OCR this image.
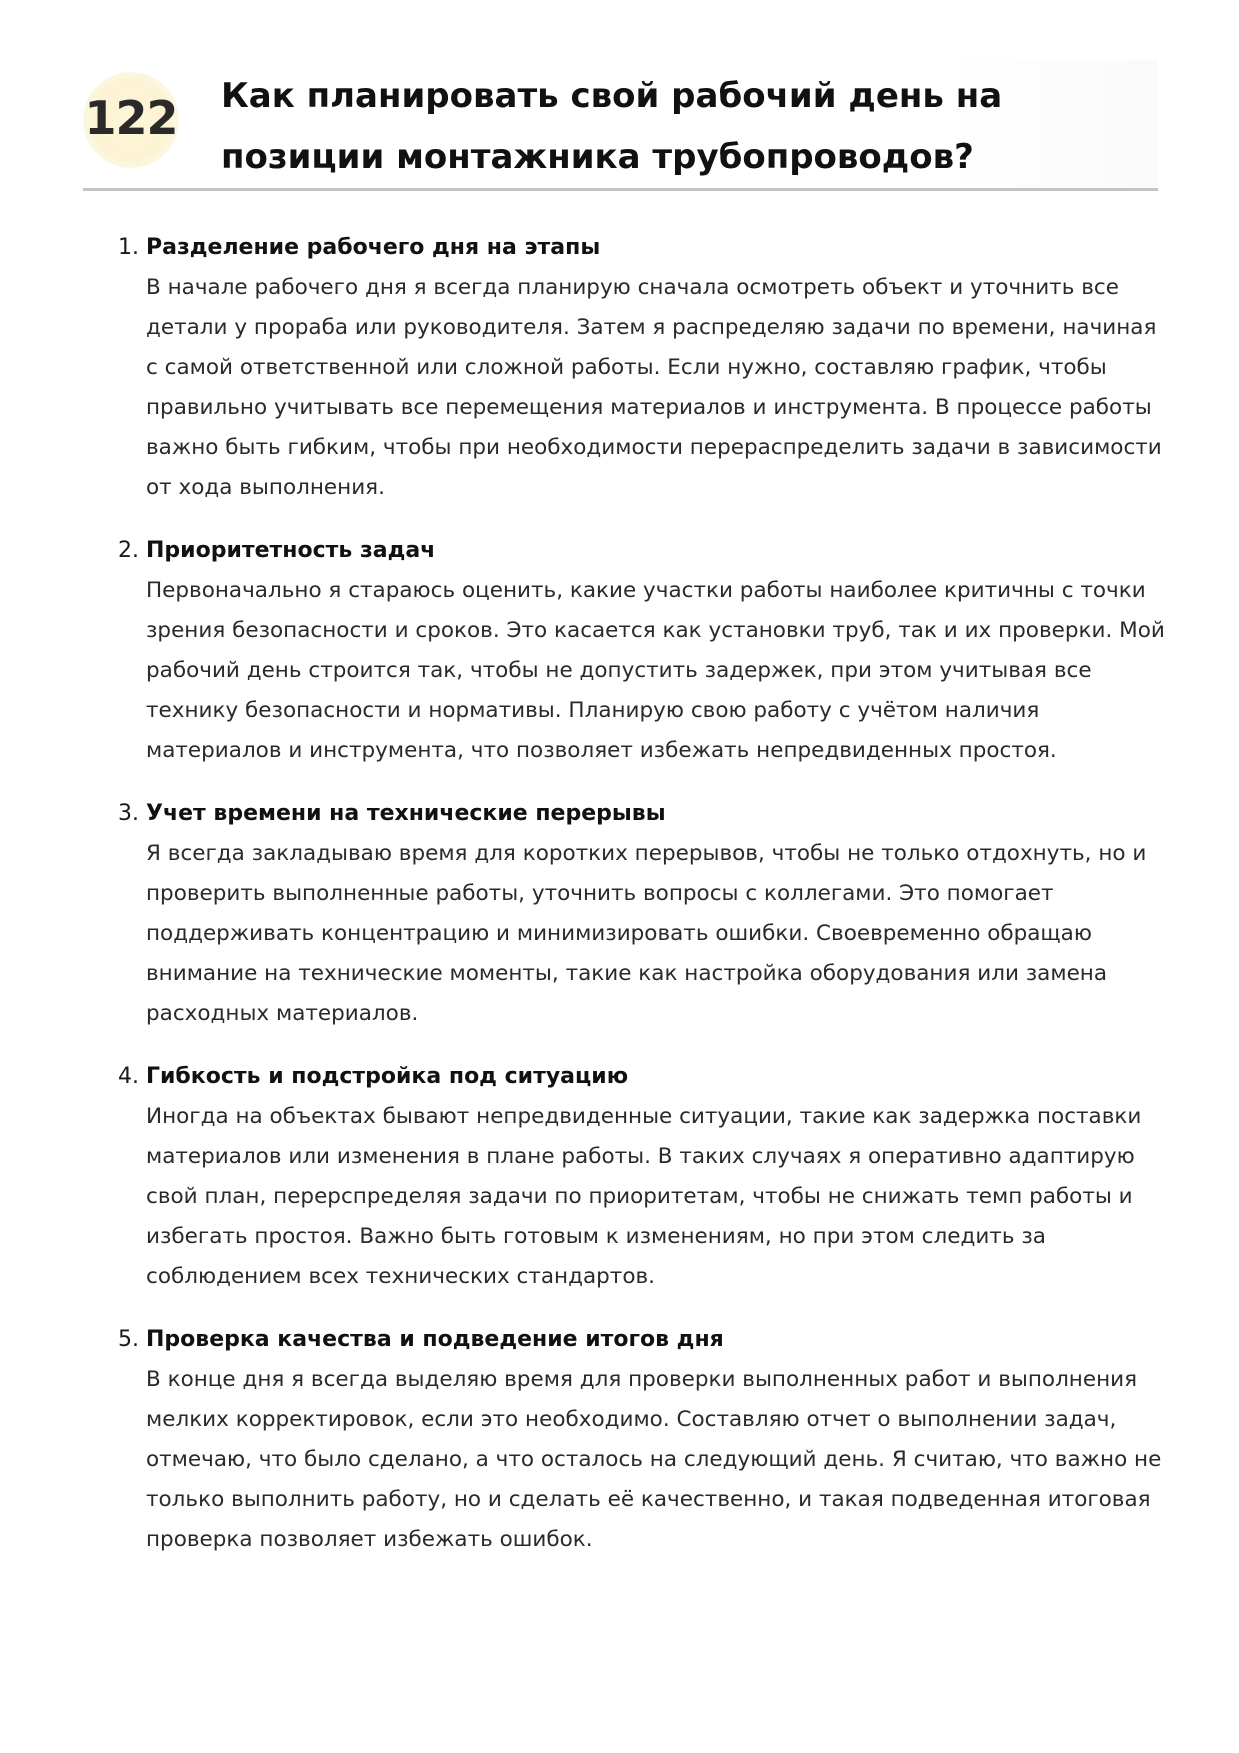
122 Как планировать свой рабочий день на позиции монтажника трубопроводов?
1. Разделение рабочего дня на этапы

В начале рабочего дня я всегда планирую сначала осмотреть объект и уточнить все детали у прораба или руководителя. Затем я распределяю задачи по времени, начиная с самой ответственной или сложной работы. Если нужно, составляю график, чтобы правильно учитывать все перемещения материалов и инструмента. В процессе работы важно быть гибким, чтобы при необходимости перераспределить задачи в зависимости от хода выполнения.

2. Приоритетность задач

Первоначально я стараюсь оценить, какие участки работы наиболее критичны с точки зрения безопасности и сроков. Это касается как установки труб, так и их проверки. Мой рабочий день строится так, чтобы не допустить задержек, при этом учитывая все технику безопасности и нормативы. Планирую свою работу с учётом наличия материалов и инструмента, что позволяет избежать непредвиденных простоя.

3. Учет времени на технические перерывы

Я всегда закладываю время для коротких перерывов, чтобы не только отдохнуть, но и проверить выполненные работы, уточнить вопросы с коллегами. Это помогает поддерживать концентрацию и минимизировать ошибки. Своевременно обращаю внимание на технические моменты, такие как настройка оборудования или замена расходных материалов.

4. Гибкость и подстройка под ситуацию

Иногда на объектах бывают непредвиденные ситуации, такие как задержка поставки материалов или изменения в плане работы. В таких случаях я оперативно адаптирую свой план, перерспределяя задачи по приоритетам, чтобы не снижать темп работы и избегать простоя. Важно быть готовым к изменениям, но при этом следить за соблюдением всех технических стандартов.

5. Проверка качества и подведение итогов дня

В конце дня я всегда выделяю время для проверки выполненных работ и выполнения мелких корректировок, если это необходимо. Составляю отчет о выполнении задач, отмечаю, что было сделано, а что осталось на следующий день. Я считаю, что важно не только выполнить работу, но и сделать её качественно, и такая подведенная итоговая проверка позволяет избежать ошибок.
